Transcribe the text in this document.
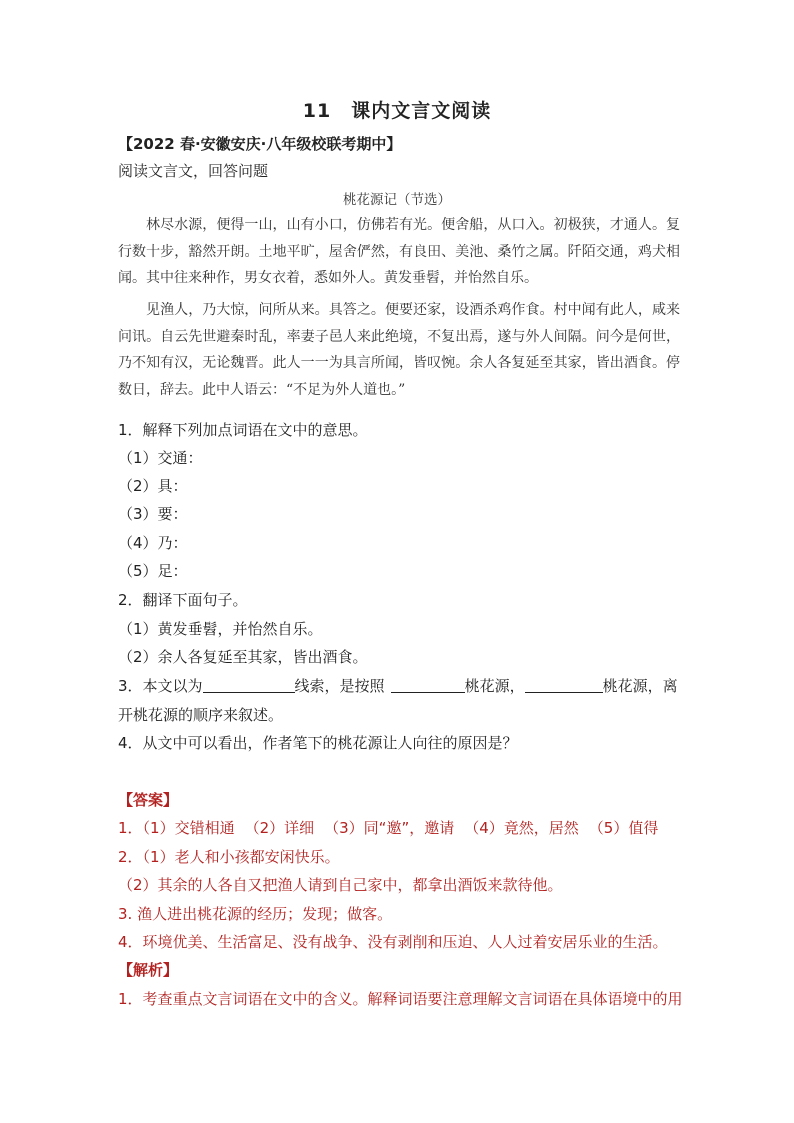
11　课内文言文阅读
【2022 春·安徽安庆·八年级校联考期中】
阅读文言文，回答问题
桃花源记（节选）
林尽水源，便得一山，山有小口，仿佛若有光。便舍船，从口入。初极狭，才通人。复行数十步，豁然开朗。土地平旷，屋舍俨然，有良田、美池、桑竹之属。阡陌交通，鸡犬相闻。其中往来种作，男女衣着，悉如外人。黄发垂髫，并怡然自乐。
见渔人，乃大惊，问所从来。具答之。便要还家，设酒杀鸡作食。村中闻有此人，咸来问讯。自云先世避秦时乱，率妻子邑人来此绝境，不复出焉，遂与外人间隔。问今是何世，乃不知有汉，无论魏晋。此人一一为具言所闻，皆叹惋。余人各复延至其家，皆出酒食。停数日，辞去。此中人语云：“不足为外人道也。”
1．解释下列加点词语在文中的意思。
（1）交通：
（2）具：
（3）要：
（4）乃：
（5）足：
2．翻译下面句子。
（1）黄发垂髫，并怡然自乐。
（2）余人各复延至其家，皆出酒食。
3．本文以为	线索，是按照	桃花源，	桃花源，离
开桃花源的顺序来叙述。
4．从文中可以看出，作者笔下的桃花源让人向往的原因是？
【答案】
1．（1）交错相通 （2）详细 （3）同“邀”，邀请 （4）竟然，居然 （5）值得
2．（1）老人和小孩都安闲快乐。
（2）其余的人各自又把渔人请到自己家中，都拿出酒饭来款待他。
3. 渔人进出桃花源的经历；发现；做客。
4．环境优美、生活富足、没有战争、没有剥削和压迫、人人过着安居乐业的生活。
【解析】
1．考查重点文言词语在文中的含义。解释词语要注意理解文言词语在具体语境中的用
